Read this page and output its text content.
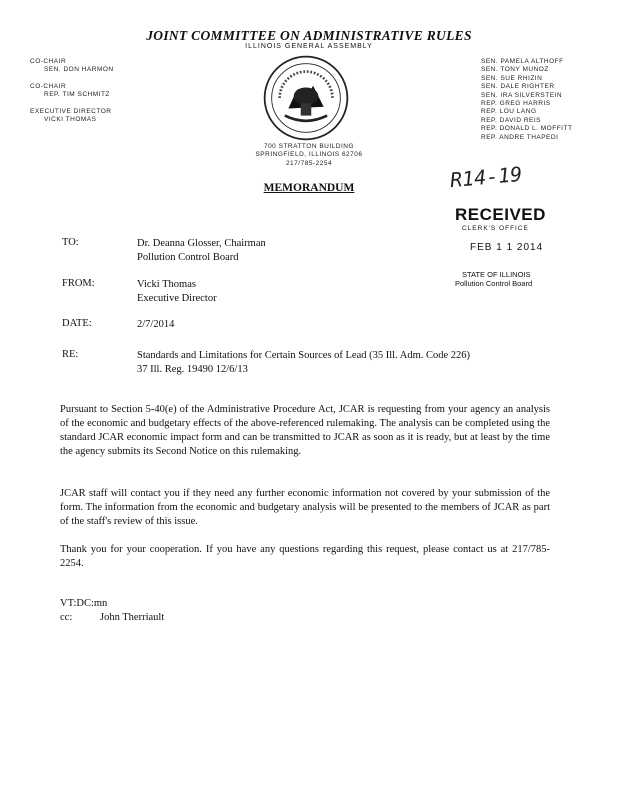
JOINT COMMITTEE ON ADMINISTRATIVE RULES
ILLINOIS GENERAL ASSEMBLY
CO-CHAIR
SEN. DON HARMON
CO-CHAIR
REP. TIM SCHMITZ
EXECUTIVE DIRECTOR
VICKI THOMAS
SEN. PAMELA ALTHOFF
SEN. TONY MUNOZ
SEN. SUE RHIZIN
SEN. DALE RIGHTER
SEN. IRA SILVERSTEIN
REP. GREG HARRIS
REP. LOU LANG
REP. DAVID REIS
REP. DONALD L. MOFFITT
REP. ANDRE THAPEDI
700 STRATTON BUILDING
SPRINGFIELD, ILLINOIS 62706
217/785-2254
MEMORANDUM	R14-19
RECEIVED
CLERK'S OFFICE
FEB 1 1 2014
STATE OF ILLINOIS
Pollution Control Board
TO:	Dr. Deanna Glosser, Chairman
Pollution Control Board
FROM:	Vicki Thomas
Executive Director
DATE:	2/7/2014
RE:	Standards and Limitations for Certain Sources of Lead (35 Ill. Adm. Code 226)
37 Ill. Reg. 19490 12/6/13
Pursuant to Section 5-40(e) of the Administrative Procedure Act, JCAR is requesting from your agency an analysis of the economic and budgetary effects of the above-referenced rulemaking. The analysis can be completed using the standard JCAR economic impact form and can be transmitted to JCAR as soon as it is ready, but at least by the time the agency submits its Second Notice on this rulemaking.
JCAR staff will contact you if they need any further economic information not covered by your submission of the form. The information from the economic and budgetary analysis will be presented to the members of JCAR as part of the staff's review of this issue.
Thank you for your cooperation. If you have any questions regarding this request, please contact us at 217/785-2254.
VT:DC:mn
cc:	John Therriault
